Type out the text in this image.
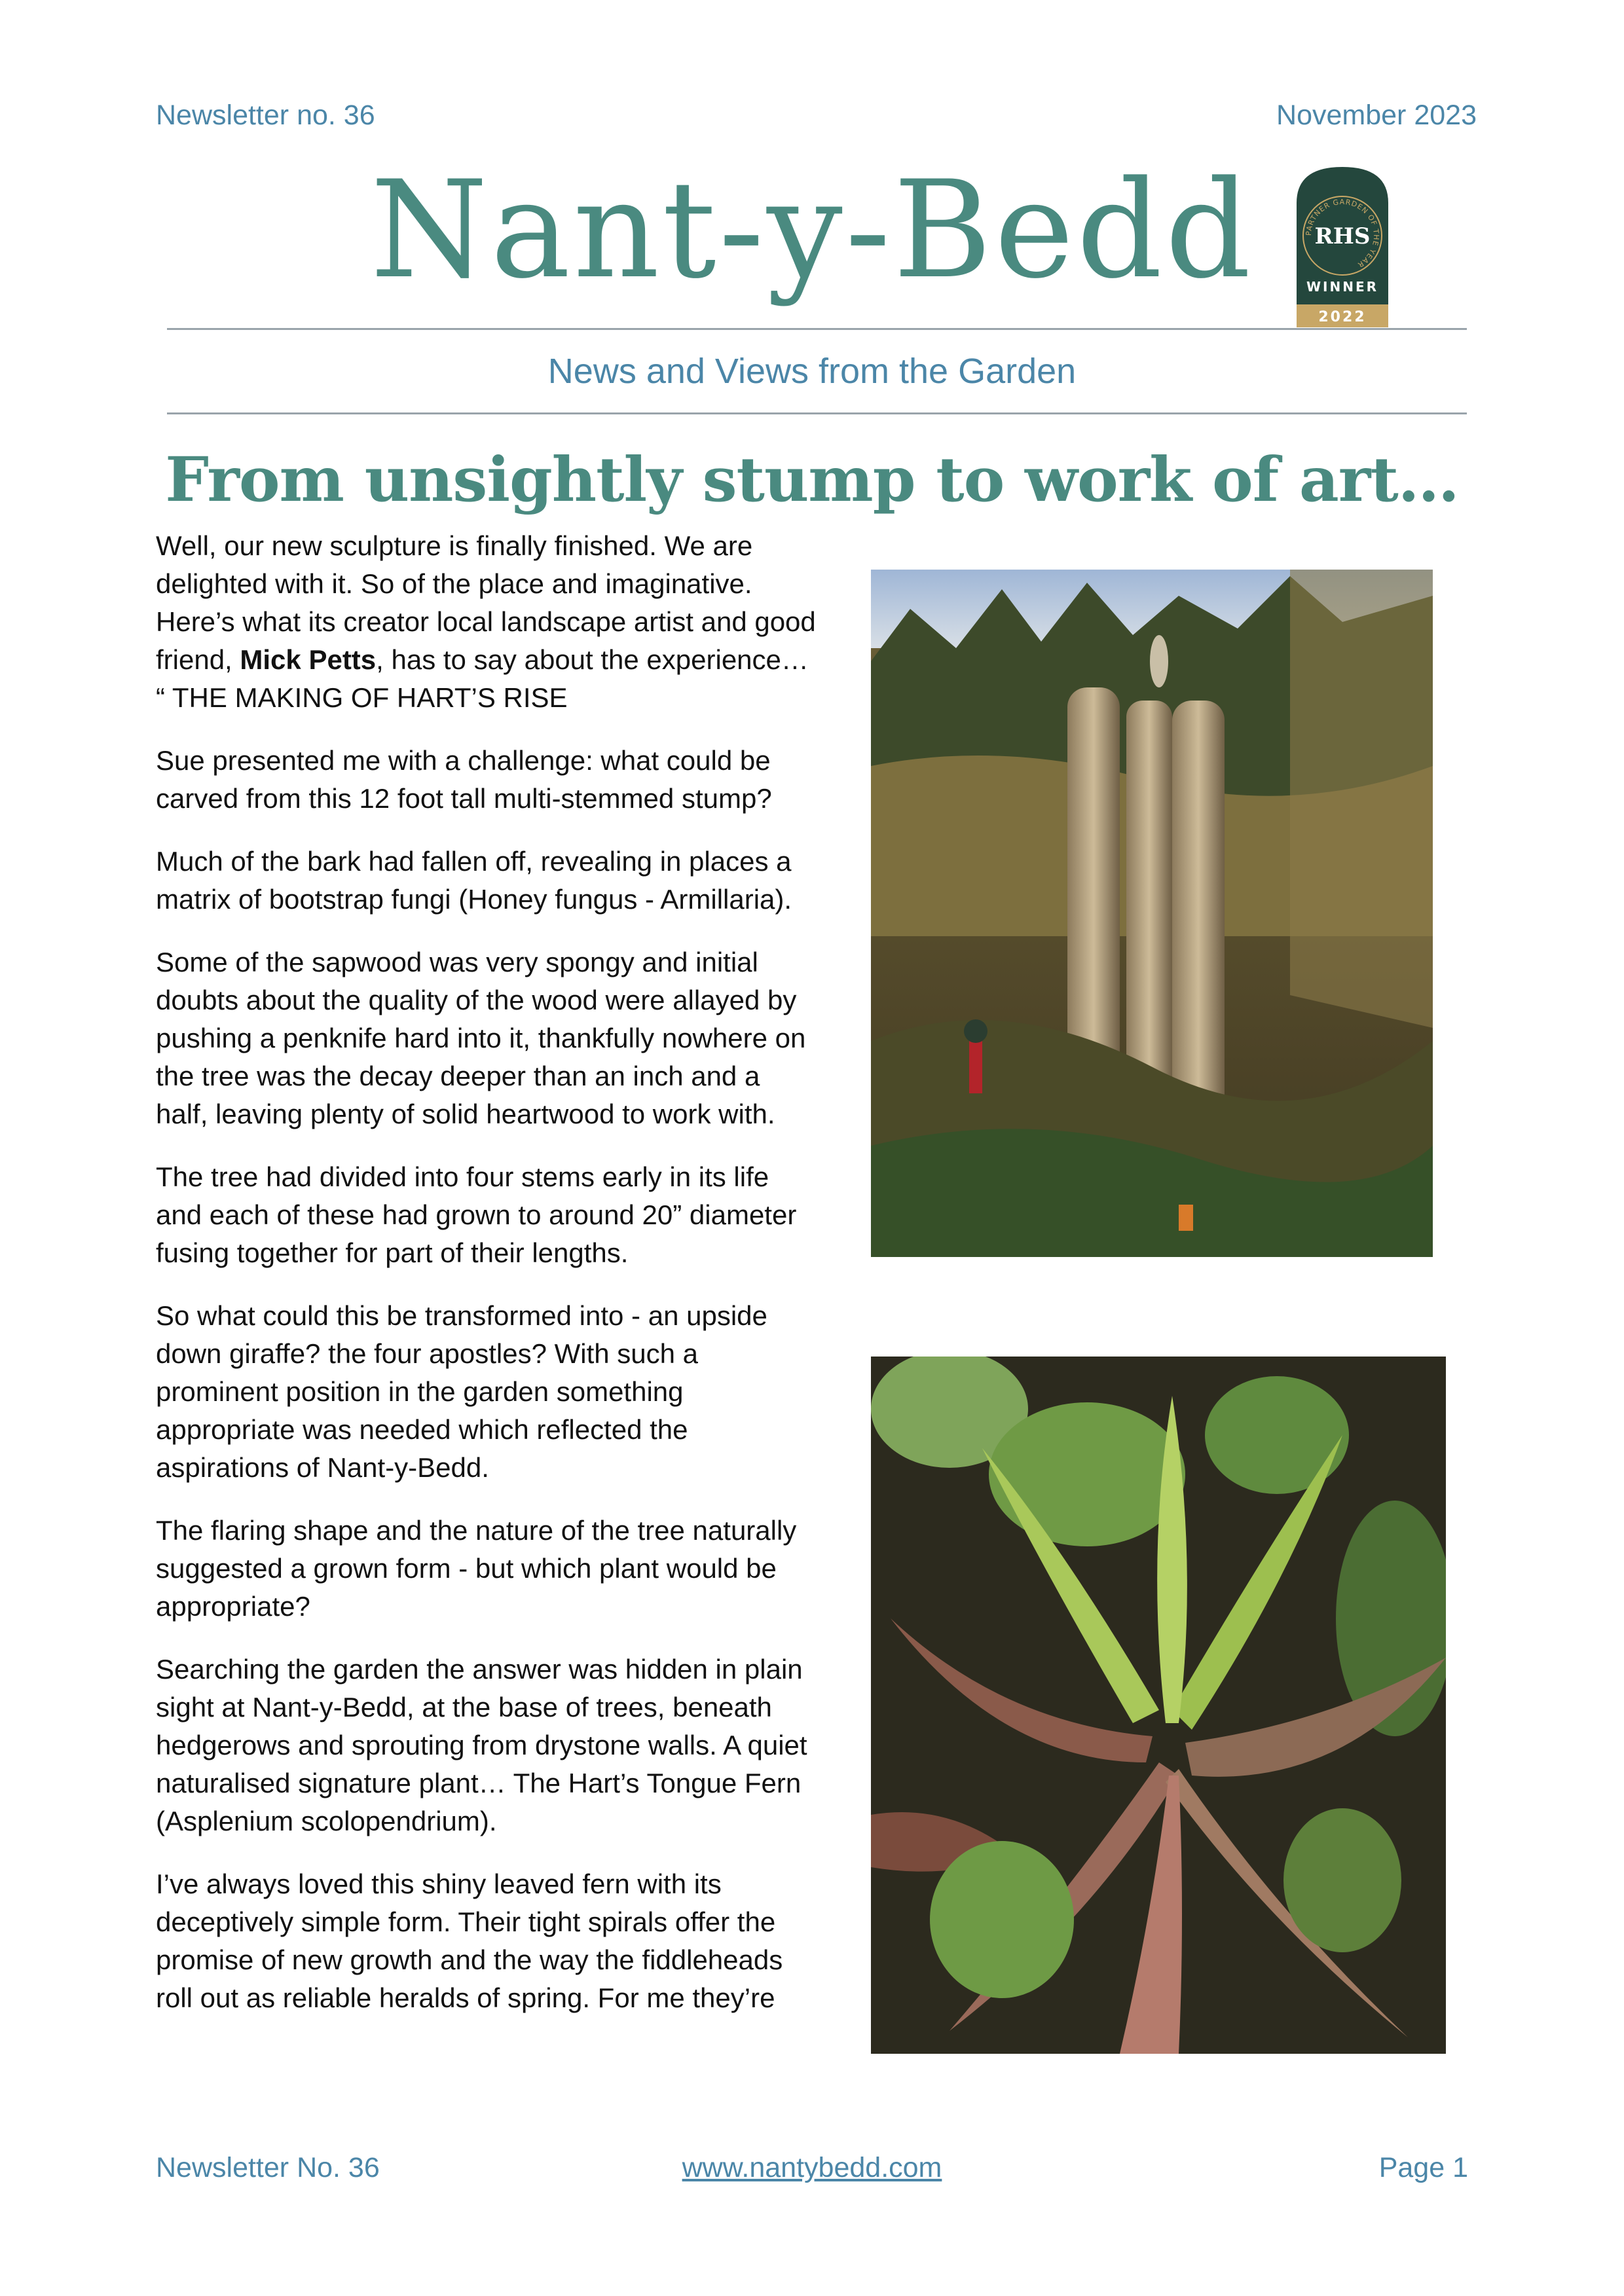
Newsletter no. 36	November 2023
Nant-y-Bedd	PARTNER GARDEN OF THE YEAR
RHS
WINNER
2022
News and Views from the Garden
From unsightly stump to work of art…

Well, our new sculpture is finally finished. We are delighted with it. So of the place and imaginative. Here’s what its creator local landscape artist and good friend, Mick Petts, has to say about the experience… “ THE MAKING OF HART’S RISE

Sue presented me with a challenge: what could be carved from this 12 foot tall multi-stemmed stump?

Much of the bark had fallen off, revealing in places a matrix of bootstrap fungi (Honey fungus - Armillaria).

Some of the sapwood was very spongy and initial doubts about the quality of the wood were allayed by pushing a penknife hard into it, thankfully nowhere on the tree was the decay deeper than an inch and a half, leaving plenty of solid heartwood to work with.

The tree had divided into four stems early in its life and each of these had grown to around 20” diameter fusing together for part of their lengths.

So what could this be transformed into - an upside down giraffe? the four apostles? With such a prominent position in the garden something appropriate was needed which reflected the aspirations of Nant-y-Bedd.

The flaring shape and the nature of the tree naturally suggested a grown form - but which plant would be appropriate?

Searching the garden the answer was hidden in plain sight at Nant-y-Bedd, at the base of trees, beneath hedgerows and sprouting from drystone walls. A quiet naturalised signature plant… The Hart’s Tongue Fern (Asplenium scolopendrium).

I’ve always loved this shiny leaved fern with its deceptively simple form. Their tight spirals offer the promise of new growth and the way the fiddleheads roll out as reliable heralds of spring. For me they’re

Newsletter No. 36	www.nantybedd.com	Page 1
